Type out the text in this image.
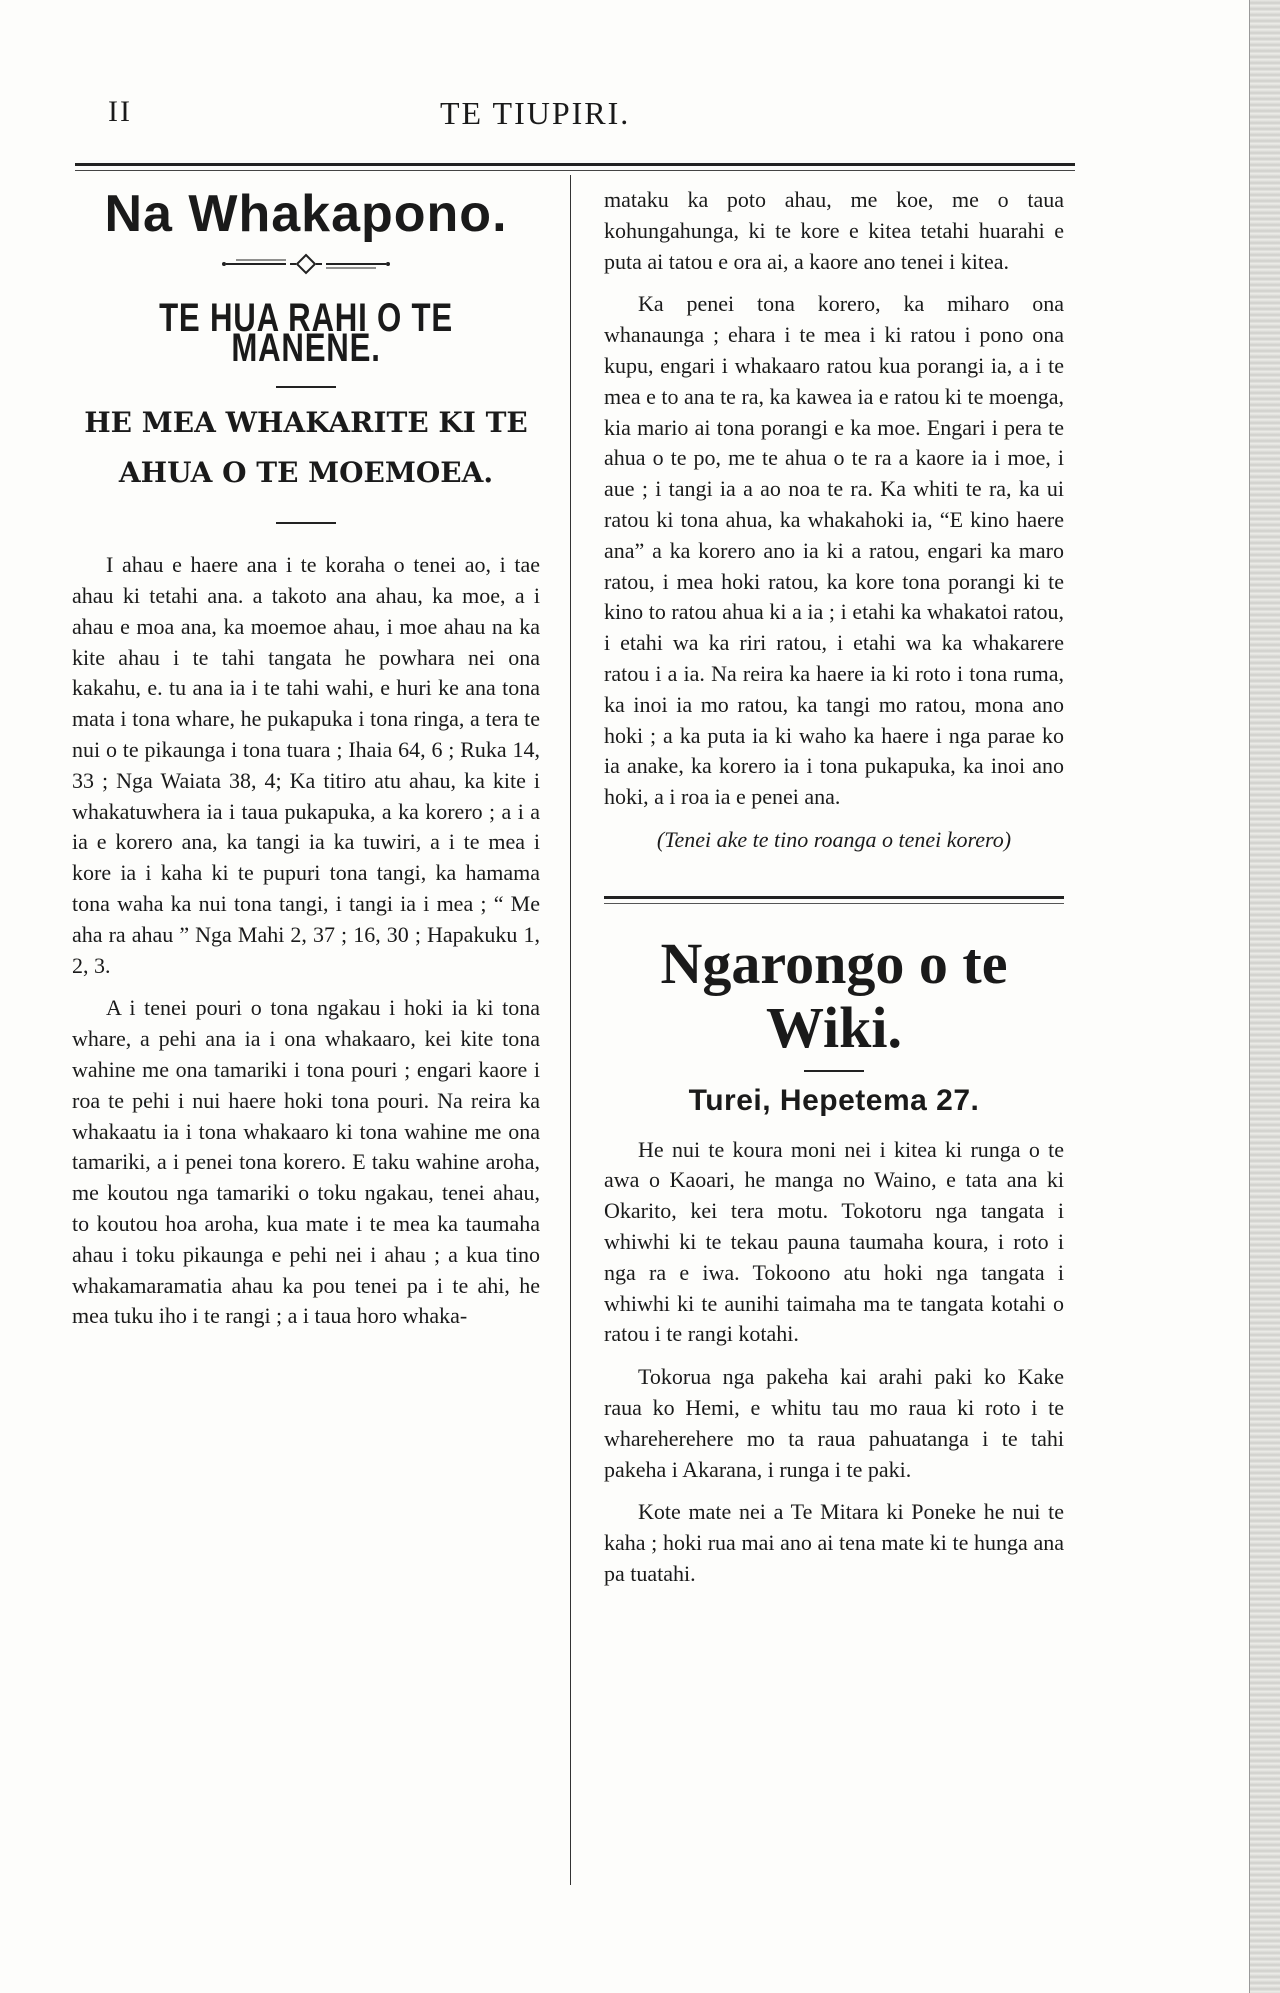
II	TE TIUPIRI.
Na Whakapono.
TE HUA RAHI O TE MANENE.
HE MEA WHAKARITE KI TE AHUA O TE MOEMOEA.

I ahau e haere ana i te koraha o tenei ao, i tae ahau ki tetahi ana. a takoto ana ahau, ka moe, a i ahau e moa ana, ka moemoe ahau, i moe ahau na ka kite ahau i te tahi tangata he powhara nei ona kakahu, e. tu ana ia i te tahi wahi, e huri ke ana tona mata i tona whare, he pukapuka i tona ringa, a tera te nui o te pikaunga i tona tuara ; Ihaia 64, 6 ; Ruka 14, 33 ; Nga Waiata 38, 4; Ka titiro atu ahau, ka kite i whakatuwhera ia i taua pukapuka, a ka korero ; a i a ia e korero ana, ka tangi ia ka tuwiri, a i te mea i kore ia i kaha ki te pupuri tona tangi, ka hamama tona waha ka nui tona tangi, i tangi ia i mea ; “ Me aha ra ahau ” Nga Mahi 2, 37 ; 16, 30 ; Hapakuku 1, 2, 3.

A i tenei pouri o tona ngakau i hoki ia ki tona whare, a pehi ana ia i ona whakaaro, kei kite tona wahine me ona tamariki i tona pouri ; engari kaore i roa te pehi i nui haere hoki tona pouri. Na reira ka whakaatu ia i tona whakaaro ki tona wahine me ona tamariki, a i penei tona korero. E taku wahine aroha, me koutou nga tamariki o toku ngakau, tenei ahau, to koutou hoa aroha, kua mate i te mea ka taumaha ahau i toku pikaunga e pehi nei i ahau ; a kua tino whakamaramatia ahau ka pou tenei pa i te ahi, he mea tuku iho i te rangi ; a i taua horo whaka-

mataku ka poto ahau, me koe, me o taua kohungahunga, ki te kore e kitea tetahi huarahi e puta ai tatou e ora ai, a kaore ano tenei i kitea.

Ka penei tona korero, ka miharo ona whanaunga ; ehara i te mea i ki ratou i pono ona kupu, engari i whakaaro ratou kua porangi ia, a i te mea e to ana te ra, ka kawea ia e ratou ki te moenga, kia mario ai tona porangi e ka moe. Engari i pera te ahua o te po, me te ahua o te ra a kaore ia i moe, i aue ; i tangi ia a ao noa te ra. Ka whiti te ra, ka ui ratou ki tona ahua, ka whakahoki ia, “E kino haere ana” a ka korero ano ia ki a ratou, engari ka maro ratou, i mea hoki ratou, ka kore tona porangi ki te kino to ratou ahua ki a ia ; i etahi ka whakatoi ratou, i etahi wa ka riri ratou, i etahi wa ka whakarere ratou i a ia. Na reira ka haere ia ki roto i tona ruma, ka inoi ia mo ratou, ka tangi mo ratou, mona ano hoki ; a ka puta ia ki waho ka haere i nga parae ko ia anake, ka korero ia i tona pukapuka, ka inoi ano hoki, a i roa ia e penei ana.

(Tenei ake te tino roanga o tenei korero)

Ngarongo o te Wiki.
Turei, Hepetema 27.

He nui te koura moni nei i kitea ki runga o te awa o Kaoari, he manga no Waino, e tata ana ki Okarito, kei tera motu. Tokotoru nga tangata i whiwhi ki te tekau pauna taumaha koura, i roto i nga ra e iwa. Tokoono atu hoki nga tangata i whiwhi ki te aunihi taimaha ma te tangata kotahi o ratou i te rangi kotahi.

Tokorua nga pakeha kai arahi paki ko Kake raua ko Hemi, e whitu tau mo raua ki roto i te whareherehere mo ta raua pahuatanga i te tahi pakeha i Akarana, i runga i te paki.

Kote mate nei a Te Mitara ki Poneke he nui te kaha ; hoki rua mai ano ai tena mate ki te hunga ana pa tuatahi.
